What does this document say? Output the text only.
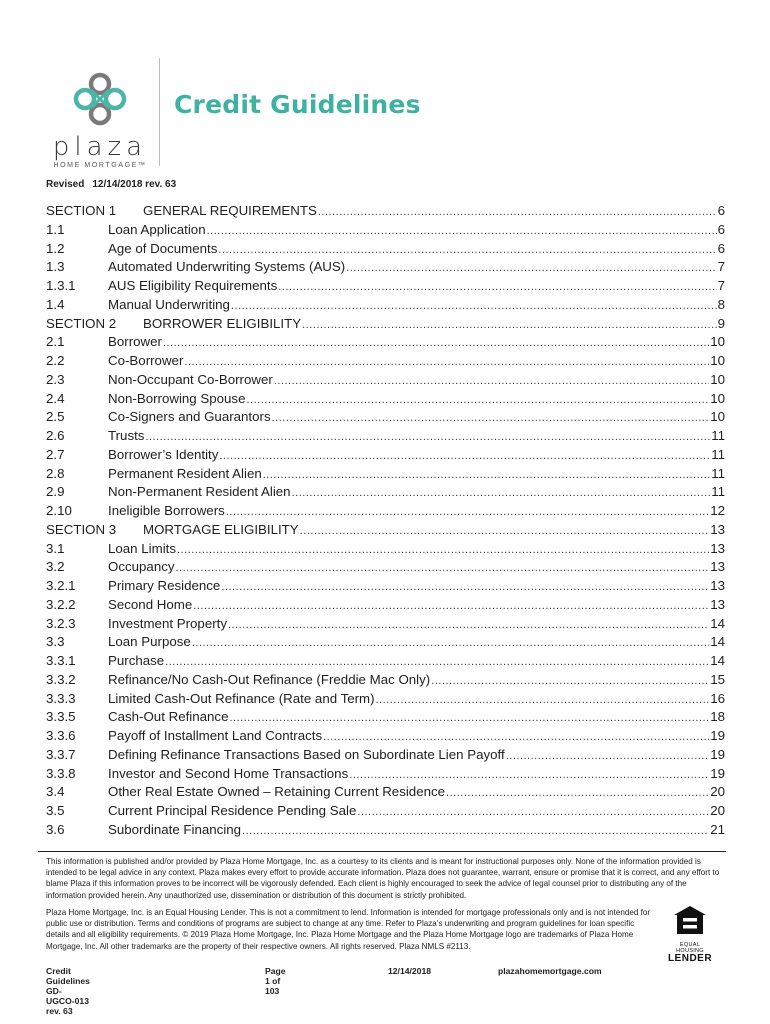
plaza
HOME MORTGAGE™
Credit Guidelines
Revised 12/14/2018 rev. 63
SECTION 1	GENERAL REQUIREMENTS .....	6
1.1	Loan Application .....	6
1.2	Age of Documents .....	6
1.3	Automated Underwriting Systems (AUS) .....	7
1.3.1	AUS Eligibility Requirements .....	7
1.4	Manual Underwriting .....	8
SECTION 2	BORROWER ELIGIBILITY .....	9
2.1	Borrower .....	10
2.2	Co-Borrower .....	10
2.3	Non-Occupant Co-Borrower .....	10
2.4	Non-Borrowing Spouse .....	10
2.5	Co-Signers and Guarantors .....	10
2.6	Trusts .....	11
2.7	Borrower’s Identity .....	11
2.8	Permanent Resident Alien .....	11
2.9	Non-Permanent Resident Alien .....	11
2.10	Ineligible Borrowers .....	12
SECTION 3	MORTGAGE ELIGIBILITY .....	13
3.1	Loan Limits .....	13
3.2	Occupancy .....	13
3.2.1	Primary Residence .....	13
3.2.2	Second Home .....	13
3.2.3	Investment Property .....	14
3.3	Loan Purpose .....	14
3.3.1	Purchase .....	14
3.3.2	Refinance/No Cash-Out Refinance (Freddie Mac Only) .....	15
3.3.3	Limited Cash-Out Refinance (Rate and Term) .....	16
3.3.5	Cash-Out Refinance .....	18
3.3.6	Payoff of Installment Land Contracts .....	19
3.3.7	Defining Refinance Transactions Based on Subordinate Lien Payoff .....	19
3.3.8	Investor and Second Home Transactions .....	19
3.4	Other Real Estate Owned – Retaining Current Residence .....	20
3.5	Current Principal Residence Pending Sale .....	20
3.6	Subordinate Financing .....	21
This information is published and/or provided by Plaza Home Mortgage, Inc. as a courtesy to its clients and is meant for instructional purposes only. None of the information provided is intended to be legal advice in any context. Plaza makes every effort to provide accurate information. Plaza does not guarantee, warrant, ensure or promise that it is correct, and any effort to blame Plaza if this information proves to be incorrect will be vigorously defended. Each client is highly encouraged to seek the advice of legal counsel prior to distributing any of the information provided herein. Any unauthorized use, dissemination or distribution of this document is strictly prohibited.
Plaza Home Mortgage, Inc. is an Equal Housing Lender. This is not a commitment to lend. Information is intended for mortgage professionals only and is not intended for public use or distribution. Terms and conditions of programs are subject to change at any time. Refer to Plaza’s underwriting and program guidelines for loan specific details and all eligibility requirements. © 2019 Plaza Home Mortgage, Inc. Plaza Home Mortgage and the Plaza Home Mortgage logo are trademarks of Plaza Home Mortgage, Inc. All other trademarks are the property of their respective owners. All rights reserved. Plaza NMLS #2113.	EQUAL HOUSING
LENDER
Credit Guidelines GD-UGCO-013 rev. 63
Page 1 of 103
12/14/2018	plazahomemortgage.com
